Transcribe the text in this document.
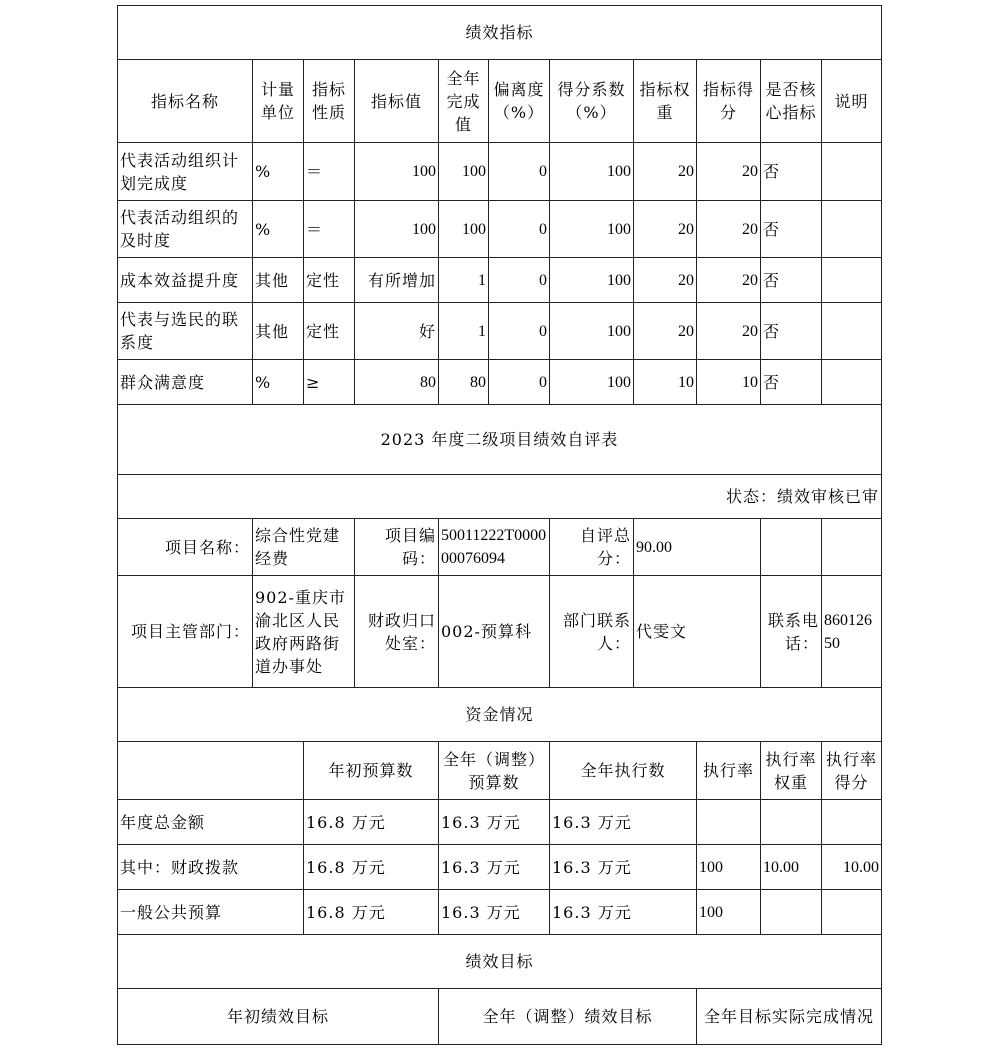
绩效指标										
指标名称	计量单位	指标性质	指标值	全年完成值	偏离度（%）	得分系数（%）	指标权重	指标得分	是否核心指标	说明
代表活动组织计划完成度	%	＝	100	100	0	100	20	20	否	
代表活动组织的及时度	%	＝	100	100	0	100	20	20	否	
成本效益提升度	其他	定性	有所增加	1	0	100	20	20	否	
代表与选民的联系度	其他	定性	好	1	0	100	20	20	否	
群众满意度	%	≥	80	80	0	100	10	10	否	
2023 年度二级项目绩效自评表										
状态：绩效审核已审										
项目名称：	综合性党建经费		项目编码：	50011222T000000076094		自评总分：	90.00			
项目主管部门：	902-重庆市渝北区人民政府两路街道办事处		财政归口处室：	002-预算科		部门联系人：	代雯文		联系电话：	86012650
资金情况										
		年初预算数		全年（调整）预算数		全年执行数		执行率	执行率权重	执行率得分
年度总金额		16.8 万元		16.3 万元		16.3 万元				
其中：财政拨款		16.8 万元		16.3 万元		16.3 万元		100	10.00	10.00
一般公共预算		16.8 万元		16.3 万元		16.3 万元		100		
绩效目标										
年初绩效目标				全年（调整）绩效目标				全年目标实际完成情况		
